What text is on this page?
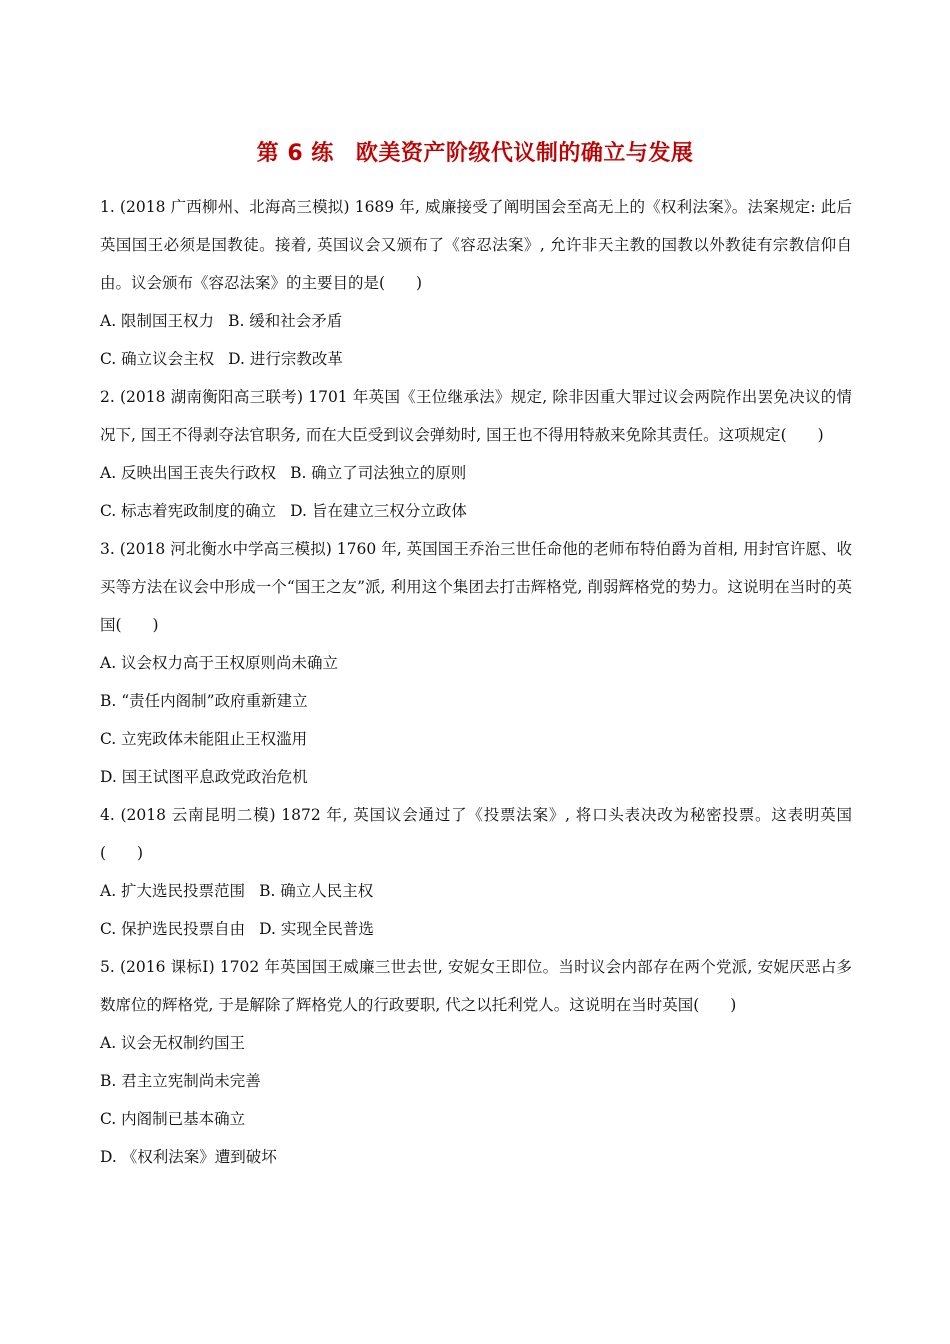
第 6 练 欧美资产阶级代议制的确立与发展
1. (2018 广西柳州、北海高三模拟) 1689 年, 威廉接受了阐明国会至高无上的《权利法案》。法案规定: 此后英国国王必须是国教徒。接着, 英国议会又颁布了《容忍法案》, 允许非天主教的国教以外教徒有宗教信仰自由。议会颁布《容忍法案》的主要目的是(　　)
A. 限制国王权力 B. 缓和社会矛盾
C. 确立议会主权 D. 进行宗教改革
2. (2018 湖南衡阳高三联考) 1701 年英国《王位继承法》规定, 除非因重大罪过议会两院作出罢免决议的情况下, 国王不得剥夺法官职务, 而在大臣受到议会弹劾时, 国王也不得用特赦来免除其责任。这项规定(　　)
A. 反映出国王丧失行政权 B. 确立了司法独立的原则
C. 标志着宪政制度的确立 D. 旨在建立三权分立政体
3. (2018 河北衡水中学高三模拟) 1760 年, 英国国王乔治三世任命他的老师布特伯爵为首相, 用封官许愿、收买等方法在议会中形成一个“国王之友”派, 利用这个集团去打击辉格党, 削弱辉格党的势力。这说明在当时的英国(　　)
A. 议会权力高于王权原则尚未确立
B. “责任内阁制”政府重新建立
C. 立宪政体未能阻止王权滥用
D. 国王试图平息政党政治危机
4. (2018 云南昆明二模) 1872 年, 英国议会通过了《投票法案》, 将口头表决改为秘密投票。这表明英国(　　)
A. 扩大选民投票范围 B. 确立人民主权
C. 保护选民投票自由 D. 实现全民普选
5. (2016 课标Ⅰ) 1702 年英国国王威廉三世去世, 安妮女王即位。当时议会内部存在两个党派, 安妮厌恶占多数席位的辉格党, 于是解除了辉格党人的行政要职, 代之以托利党人。这说明在当时英国(　　)
A. 议会无权制约国王
B. 君主立宪制尚未完善
C. 内阁制已基本确立
D. 《权利法案》遭到破坏
